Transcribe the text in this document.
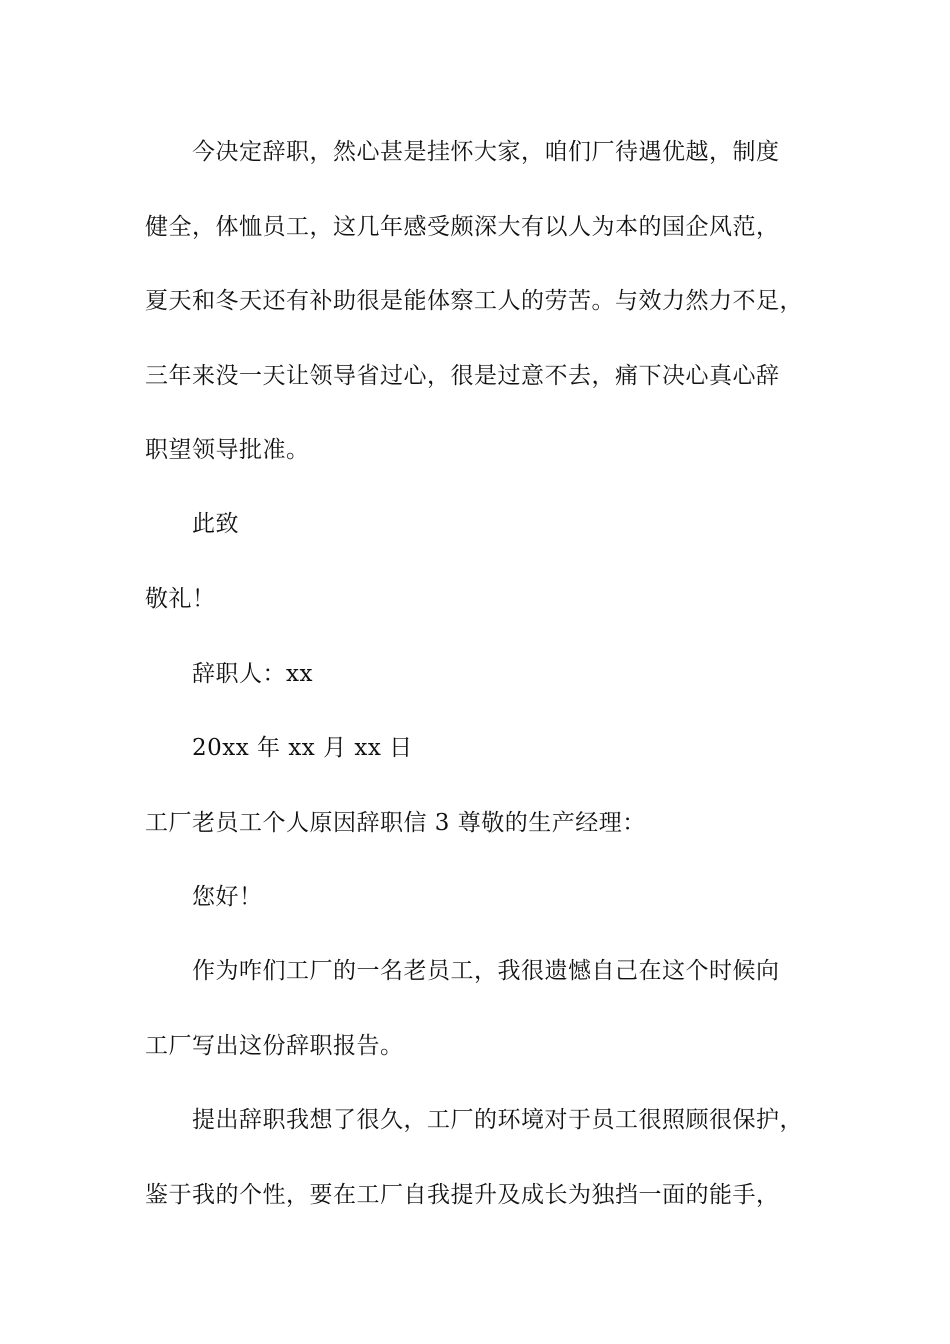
今决定辞职，然心甚是挂怀大家，咱们厂待遇优越，制度
健全，体恤员工，这几年感受颇深大有以人为本的国企风范，
夏天和冬天还有补助很是能体察工人的劳苦。与效力然力不足，
三年来没一天让领导省过心，很是过意不去，痛下决心真心辞
职望领导批准。
此致
敬礼！
辞职人：xx
20xx 年 xx 月 xx 日
工厂老员工个人原因辞职信 3 尊敬的生产经理：
您好！
作为咋们工厂的一名老员工，我很遗憾自己在这个时候向
工厂写出这份辞职报告。
提出辞职我想了很久，工厂的环境对于员工很照顾很保护，
鉴于我的个性，要在工厂自我提升及成长为独挡一面的能手，
